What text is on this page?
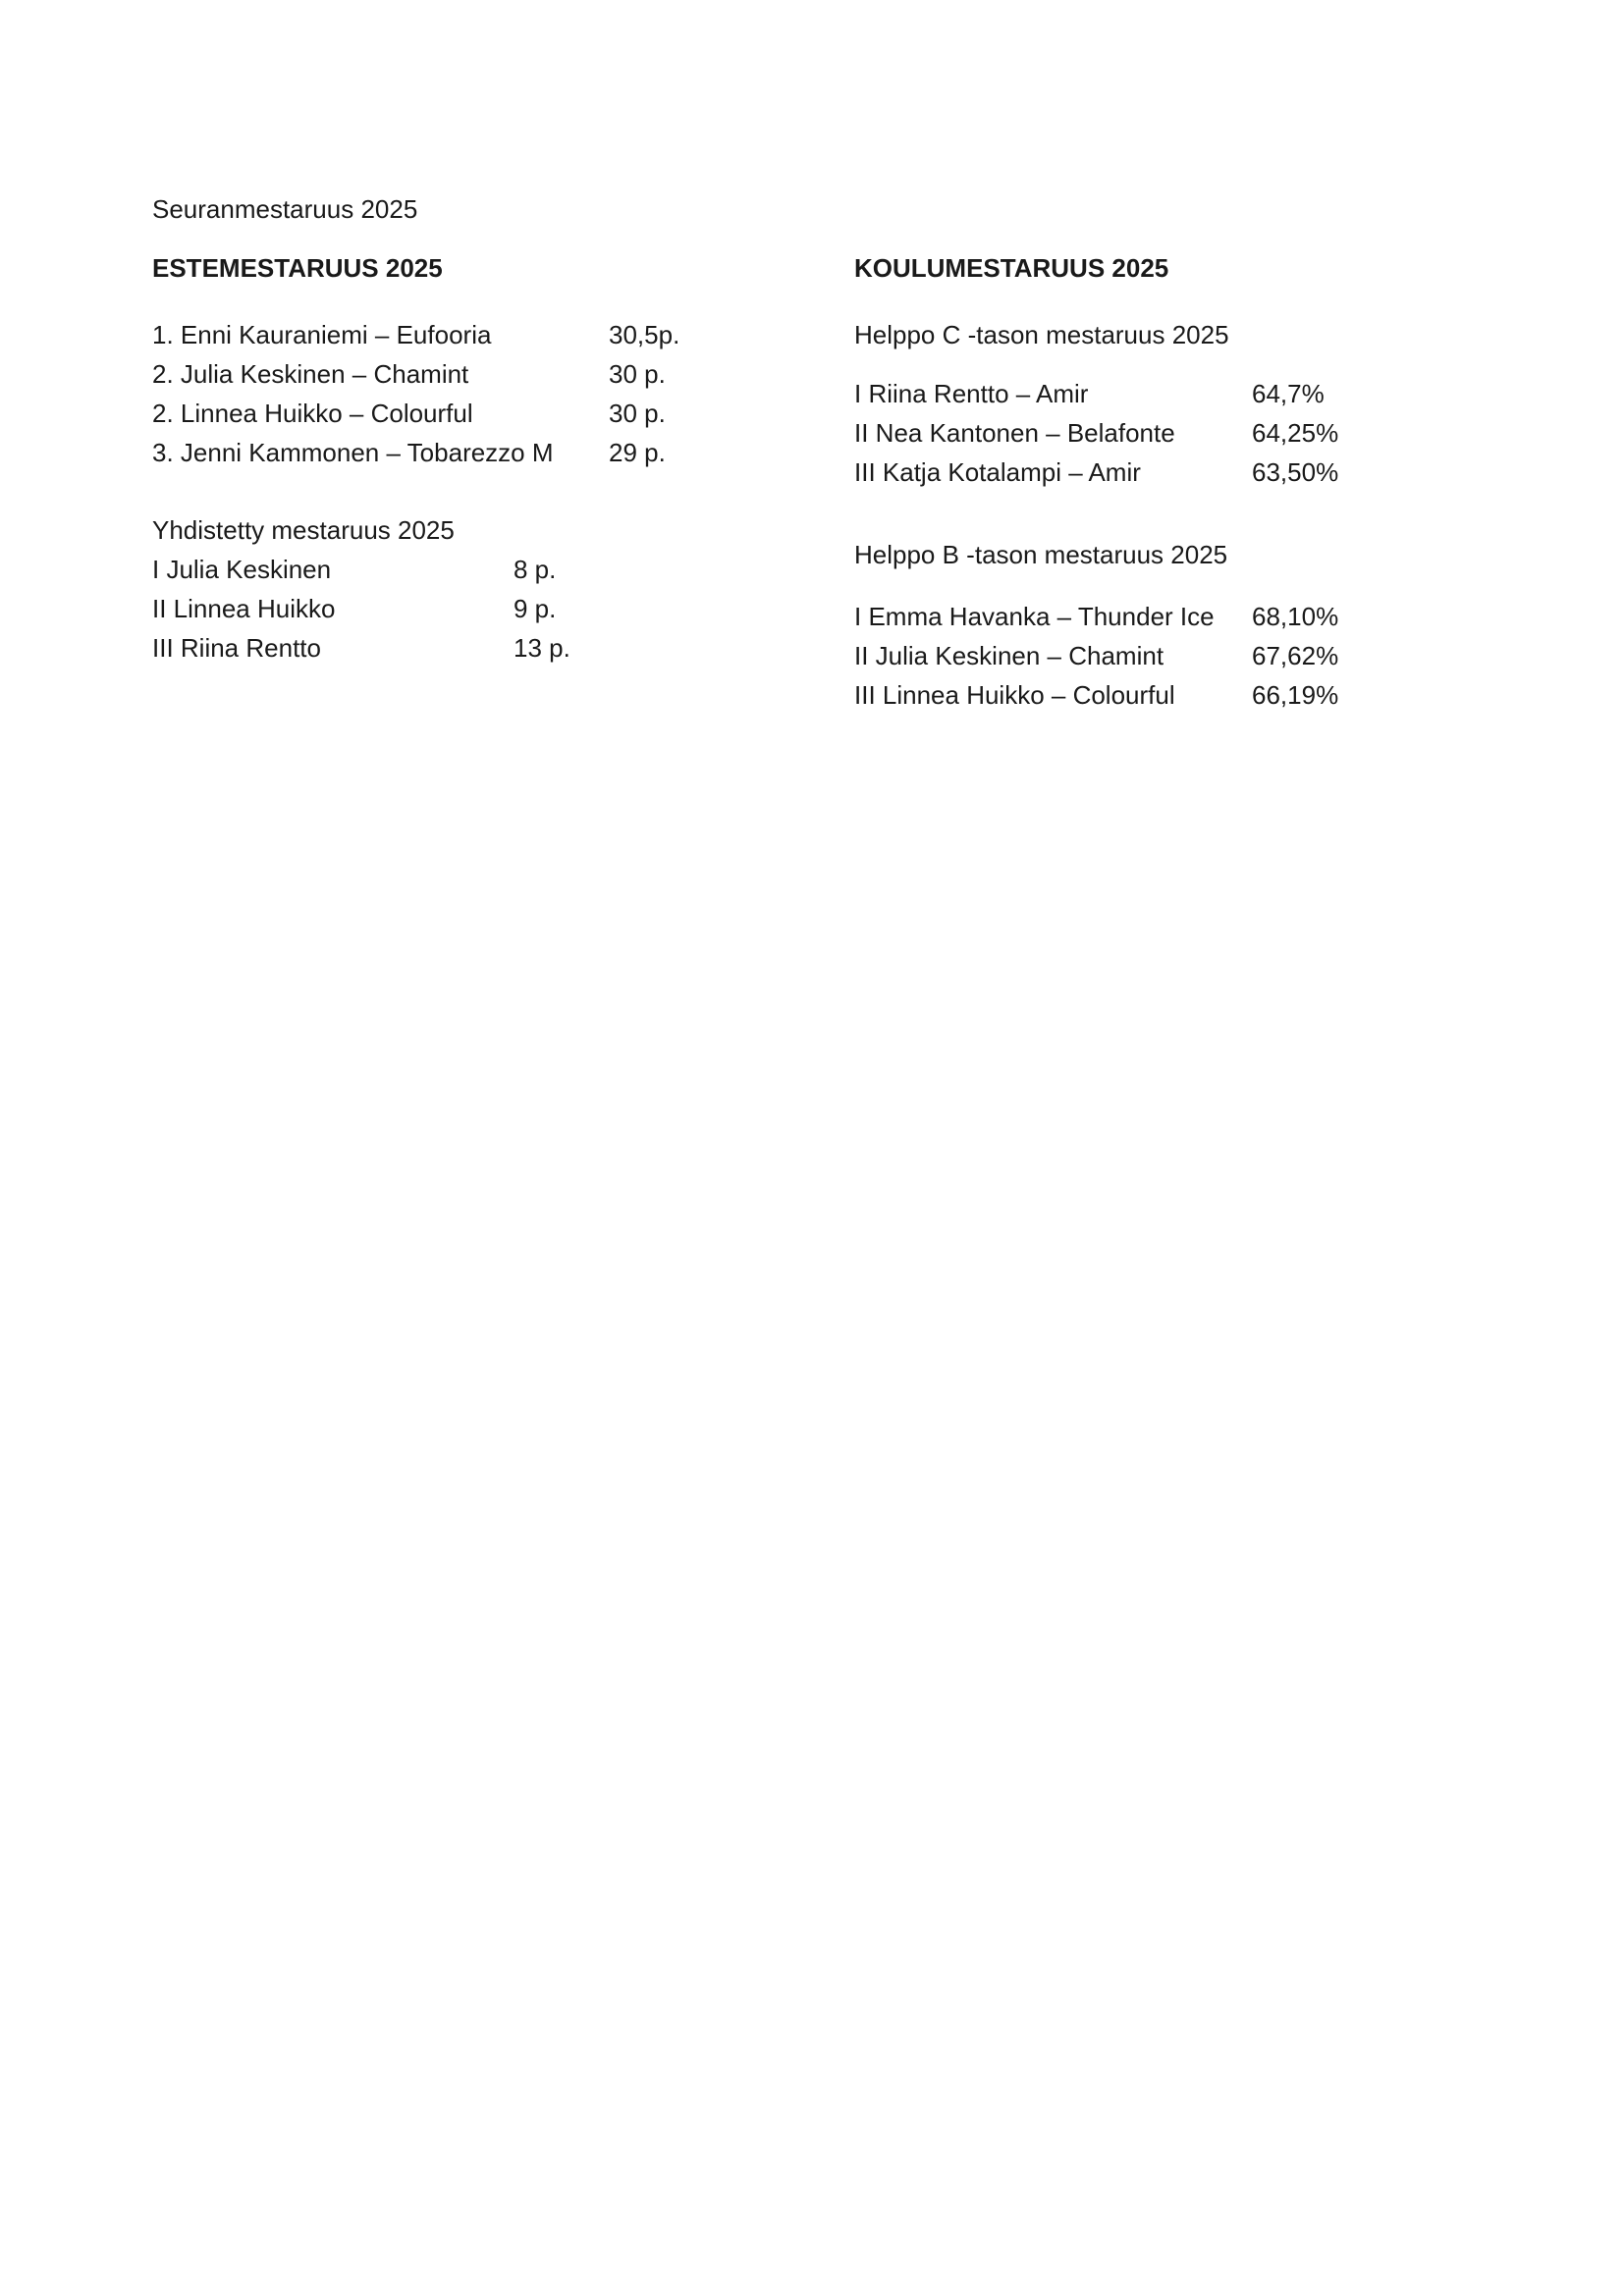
Seuranmestaruus 2025
ESTEMESTARUUS 2025
1. Enni Kauraniemi – Eufooria	30,5p.
2. Julia Keskinen – Chamint	30 p.
2. Linnea Huikko – Colourful	30 p.
3. Jenni Kammonen – Tobarezzo M 29 p.
Yhdistetty mestaruus 2025
I Julia Keskinen	8 p.
II Linnea Huikko	9 p.
III Riina Rentto	13 p.
KOULUMESTARUUS 2025
Helppo C -tason mestaruus 2025
I Riina Rentto – Amir	64,7%
II Nea Kantonen – Belafonte	64,25%
III Katja Kotalampi – Amir	63,50%
Helppo B -tason mestaruus 2025
I Emma Havanka – Thunder Ice 68,10%
II Julia Keskinen – Chamint	67,62%
III Linnea Huikko – Colourful	66,19%
